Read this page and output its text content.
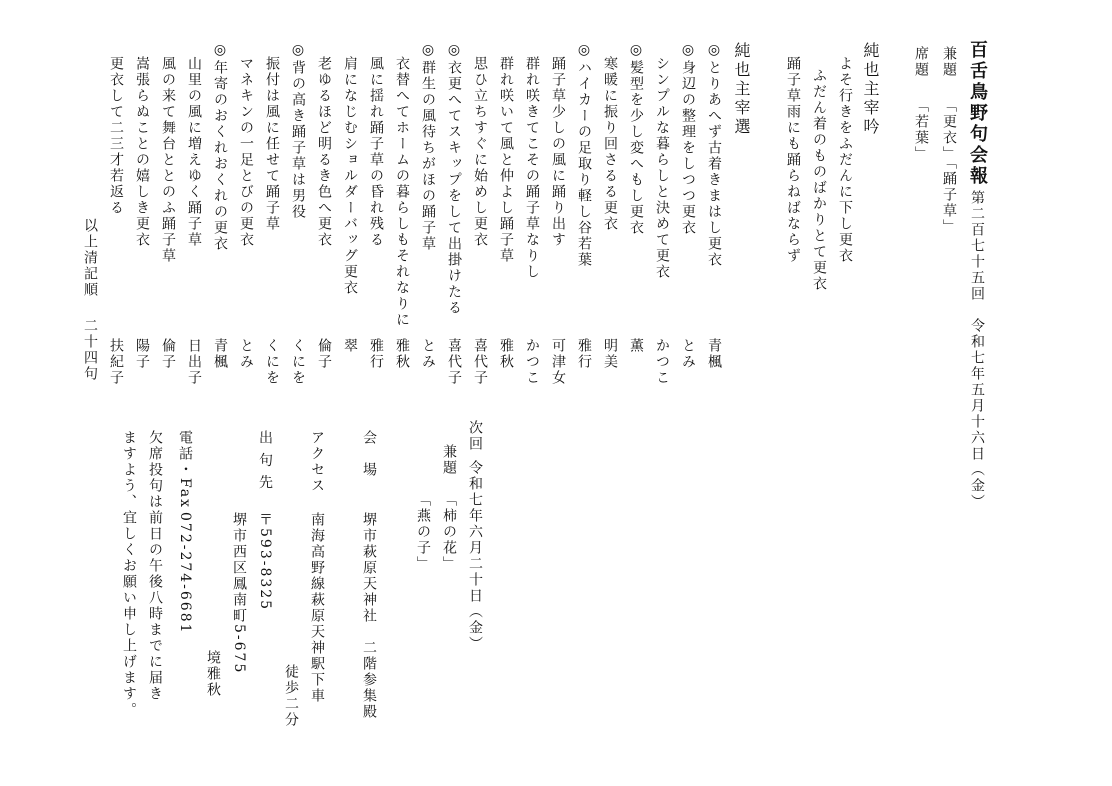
百舌鳥野句会報
第二百七十五回
令和七年五月十六日（金）
兼題
「更衣」「踊子草」
席題
「若葉」
純也主宰吟
よそ行きをふだんに下し更衣
ふだん着のものばかりとて更衣
踊子草雨にも踊らねばならず
純也主宰選
◎とりあへず古着きまはし更衣
青楓
◎身辺の整理をしつつ更衣
とみ
シンプルな暮らしと決めて更衣
かつこ
◎髪型を少し変へもし更衣
薫
寒暖に振り回さるる更衣
明美
◎ハイカーの足取り軽し谷若葉
雅行
踊子草少しの風に踊り出す
可津女
群れ咲きてこその踊子草なりし
かつこ
群れ咲いて風と仲よし踊子草
雅秋
思ひ立ちすぐに始めし更衣
喜代子
◎衣更へてスキップをして出掛けたる
喜代子
◎群生の風待ちがほの踊子草
とみ
衣替へてホームの暮らしもそれなりに
雅秋
風に揺れ踊子草の昏れ残る
雅行
肩になじむショルダーバッグ更衣
翠
老ゆるほど明るき色へ更衣
倫子
◎背の高き踊子草は男役
くにを
振付は風に任せて踊子草
くにを
マネキンの一足とびの更衣
とみ
◎年寄のおくれおくれの更衣
青楓
山里の風に増えゆく踊子草
日出子
風の来て舞台ととのふ踊子草
倫子
嵩張らぬことの嬉しき更衣
陽子
更衣して二三才若返る
扶紀子
以上清記順
二十四句
次回
令和七年六月二十日（金）
兼題
「柿の花」
「燕の子」
会　場
堺市萩原天神社　二階参集殿
アクセス
南海高野線萩原天神駅下車
徒歩二分
出 句 先
〒593-8325
堺市西区鳳南町5-675
境雅秋
電話・Fax
072-274-6681
欠席投句は前日の午後八時までに届き
ますよう、宜しくお願い申し上げます。
